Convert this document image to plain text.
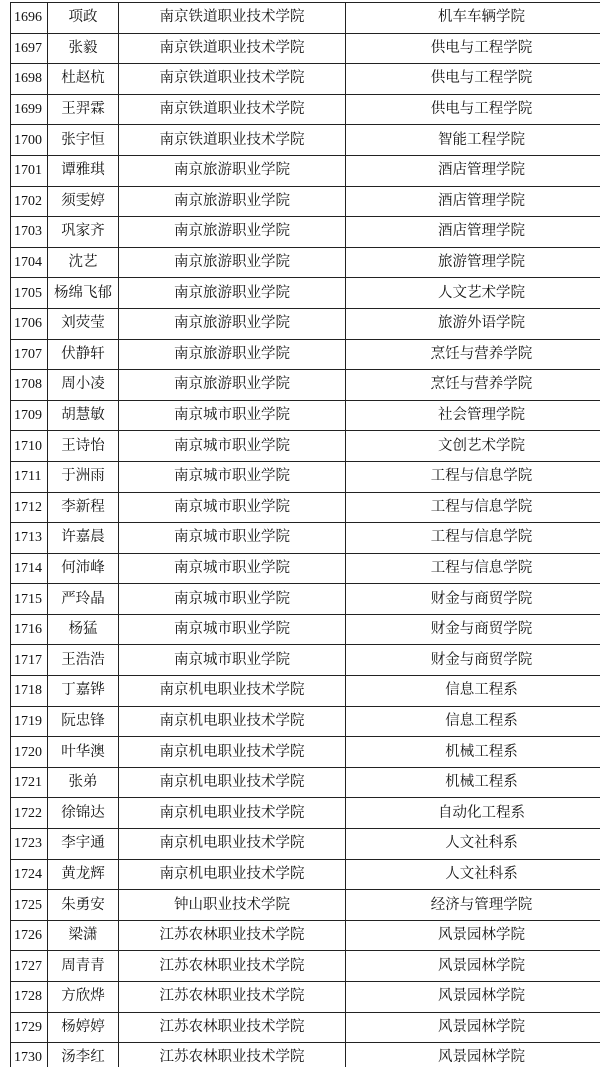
1696	项政	南京铁道职业技术学院	机车车辆学院	
1697	张毅	南京铁道职业技术学院	供电与工程学院	
1698	杜赵杭	南京铁道职业技术学院	供电与工程学院	
1699	王羿霖	南京铁道职业技术学院	供电与工程学院	
1700	张宇恒	南京铁道职业技术学院	智能工程学院	
1701	谭雅琪	南京旅游职业学院	酒店管理学院	
1702	须雯婷	南京旅游职业学院	酒店管理学院	
1703	巩家齐	南京旅游职业学院	酒店管理学院	
1704	沈艺	南京旅游职业学院	旅游管理学院	
1705	杨绵飞郁	南京旅游职业学院	人文艺术学院	
1706	刘荧莹	南京旅游职业学院	旅游外语学院	
1707	伏静轩	南京旅游职业学院	烹饪与营养学院	
1708	周小凌	南京旅游职业学院	烹饪与营养学院	
1709	胡慧敏	南京城市职业学院	社会管理学院	
1710	王诗怡	南京城市职业学院	文创艺术学院	
1711	于洲雨	南京城市职业学院	工程与信息学院	
1712	李新程	南京城市职业学院	工程与信息学院	
1713	许嘉晨	南京城市职业学院	工程与信息学院	
1714	何沛峰	南京城市职业学院	工程与信息学院	
1715	严玲晶	南京城市职业学院	财金与商贸学院	
1716	杨猛	南京城市职业学院	财金与商贸学院	
1717	王浩浩	南京城市职业学院	财金与商贸学院	
1718	丁嘉铧	南京机电职业技术学院	信息工程系	
1719	阮忠锋	南京机电职业技术学院	信息工程系	
1720	叶华澳	南京机电职业技术学院	机械工程系	
1721	张弟	南京机电职业技术学院	机械工程系	
1722	徐锦达	南京机电职业技术学院	自动化工程系	
1723	李宇通	南京机电职业技术学院	人文社科系	
1724	黄龙辉	南京机电职业技术学院	人文社科系	
1725	朱勇安	钟山职业技术学院	经济与管理学院	
1726	梁潇	江苏农林职业技术学院	风景园林学院	
1727	周青青	江苏农林职业技术学院	风景园林学院	
1728	方欣烨	江苏农林职业技术学院	风景园林学院	
1729	杨婷婷	江苏农林职业技术学院	风景园林学院	
1730	汤李红	江苏农林职业技术学院	风景园林学院	
